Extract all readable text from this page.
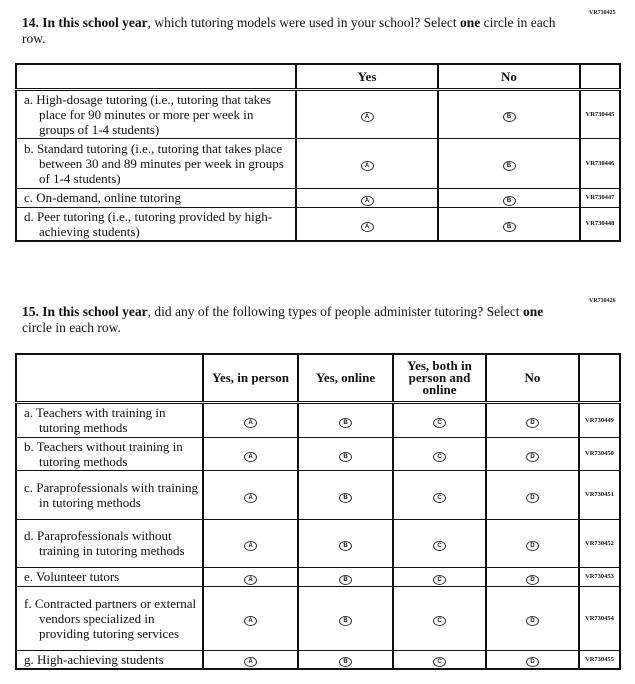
VR730425
14. In this school year, which tutoring models were used in your school? Select one circle in each row.
	Yes	No	
a. High-dosage tutoring (i.e., tutoring that takes place for 90 minutes or more per week in groups of 1-4 students)	A	B	VR730445
b. Standard tutoring (i.e., tutoring that takes place between 30 and 89 minutes per week in groups of 1-4 students)	A	B	VR730446
c. On-demand, online tutoring	A	B	VR730447
d. Peer tutoring (i.e., tutoring provided by high-achieving students)	A	B	VR730448
VR730426
15. In this school year, did any of the following types of people administer tutoring? Select one circle in each row.
	Yes, in person	Yes, online	Yes, both in person and online	No	
a. Teachers with training in tutoring methods	A	B	C	D	VR730449
b. Teachers without training in tutoring methods	A	B	C	D	VR730450
c. Paraprofessionals with training in tutoring methods	A	B	C	D	VR730451
d. Paraprofessionals without training in tutoring methods	A	B	C	D	VR730452
e. Volunteer tutors	A	B	C	D	VR730453
f. Contracted partners or external vendors specialized in providing tutoring services	A	B	C	D	VR730454
g. High-achieving students	A	B	C	D	VR730455
